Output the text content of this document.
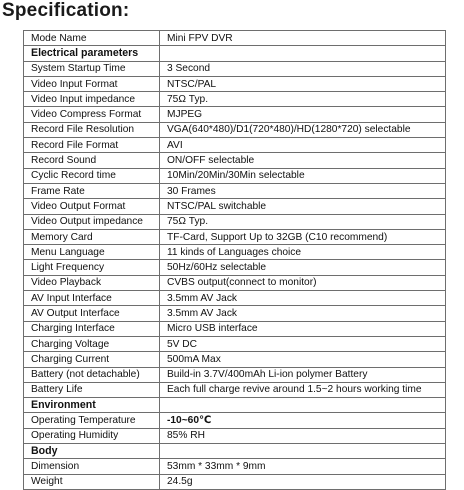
Specification:
Mode Name	Mini FPV DVR
Electrical parameters	
System Startup Time	3 Second
Video Input Format	NTSC/PAL
Video Input impedance	75Ω Typ.
Video Compress Format	MJPEG
Record File Resolution	VGA(640*480)/D1(720*480)/HD(1280*720) selectable
Record File Format	AVI
Record Sound	ON/OFF selectable
Cyclic Record time	10Min/20Min/30Min selectable
Frame Rate	30 Frames
Video Output Format	NTSC/PAL switchable
Video Output impedance	75Ω Typ.
Memory Card	TF-Card, Support Up to 32GB (C10 recommend)
Menu Language	11 kinds of Languages choice
Light Frequency	50Hz/60Hz selectable
Video Playback	CVBS output(connect to monitor)
AV Input Interface	3.5mm AV Jack
AV Output Interface	3.5mm AV Jack
Charging Interface	Micro USB interface
Charging Voltage	5V DC
Charging Current	500mA Max
Battery (not detachable)	Build-in 3.7V/400mAh Li-ion polymer Battery
Battery Life	Each full charge revive around 1.5~2 hours working time
Environment	
Operating Temperature	-10~60℃
Operating Humidity	85% RH
Body	
Dimension	53mm * 33mm * 9mm
Weight	24.5g
